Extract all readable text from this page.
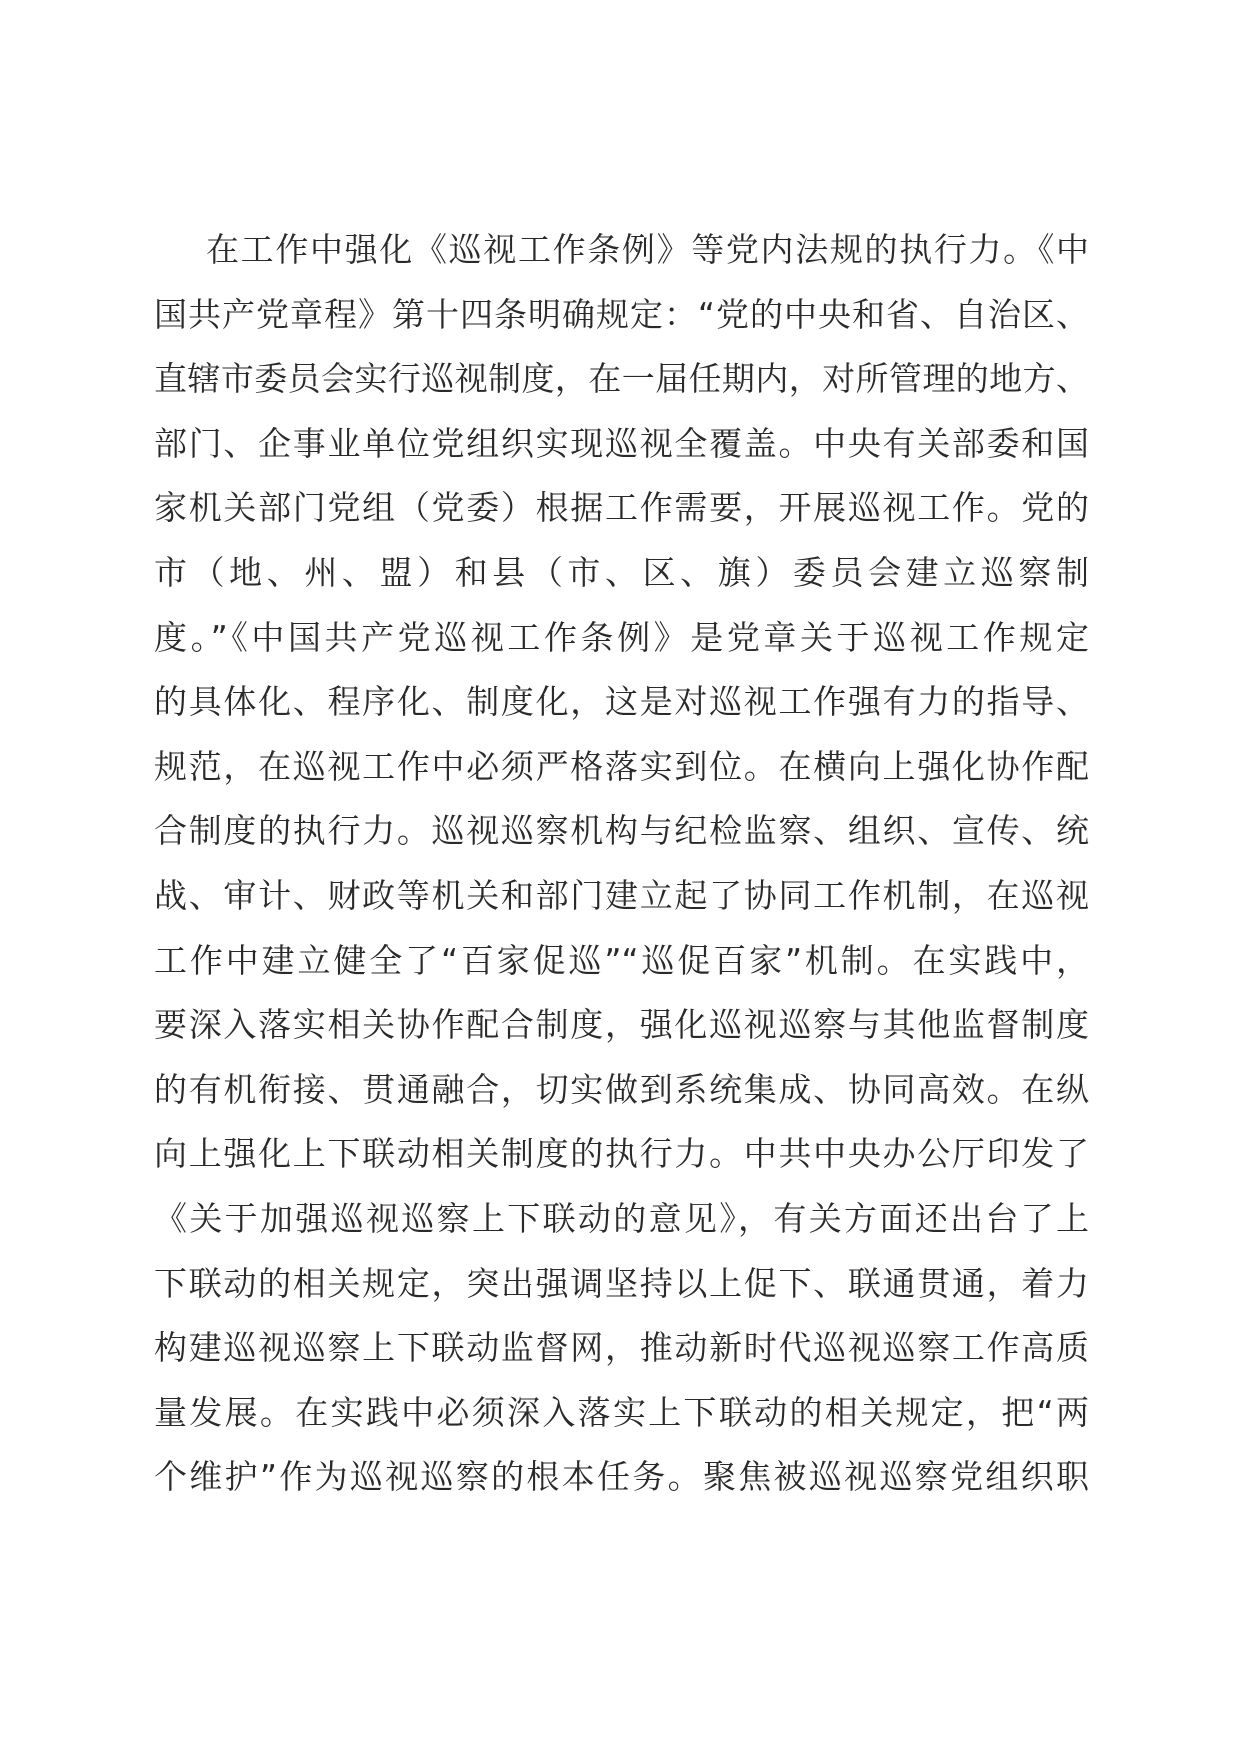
在工作中强化《巡视工作条例》等党内法规的执行力。《中
国共产党章程》第十四条明确规定：“党的中央和省、自治区、
直辖市委员会实行巡视制度，在一届任期内，对所管理的地方、
部门、企事业单位党组织实现巡视全覆盖。中央有关部委和国
家机关部门党组（党委）根据工作需要，开展巡视工作。党的
市（地、州、盟）和县（市、区、旗）委员会建立巡察制
度。”《中国共产党巡视工作条例》是党章关于巡视工作规定
的具体化、程序化、制度化，这是对巡视工作强有力的指导、
规范，在巡视工作中必须严格落实到位。在横向上强化协作配
合制度的执行力。巡视巡察机构与纪检监察、组织、宣传、统
战、审计、财政等机关和部门建立起了协同工作机制，在巡视
工作中建立健全了“百家促巡”“巡促百家”机制。在实践中，
要深入落实相关协作配合制度，强化巡视巡察与其他监督制度
的有机衔接、贯通融合，切实做到系统集成、协同高效。在纵
向上强化上下联动相关制度的执行力。中共中央办公厅印发了
《关于加强巡视巡察上下联动的意见》，有关方面还出台了上
下联动的相关规定，突出强调坚持以上促下、联通贯通，着力
构建巡视巡察上下联动监督网，推动新时代巡视巡察工作高质
量发展。在实践中必须深入落实上下联动的相关规定，把“两
个维护”作为巡视巡察的根本任务。聚焦被巡视巡察党组织职
